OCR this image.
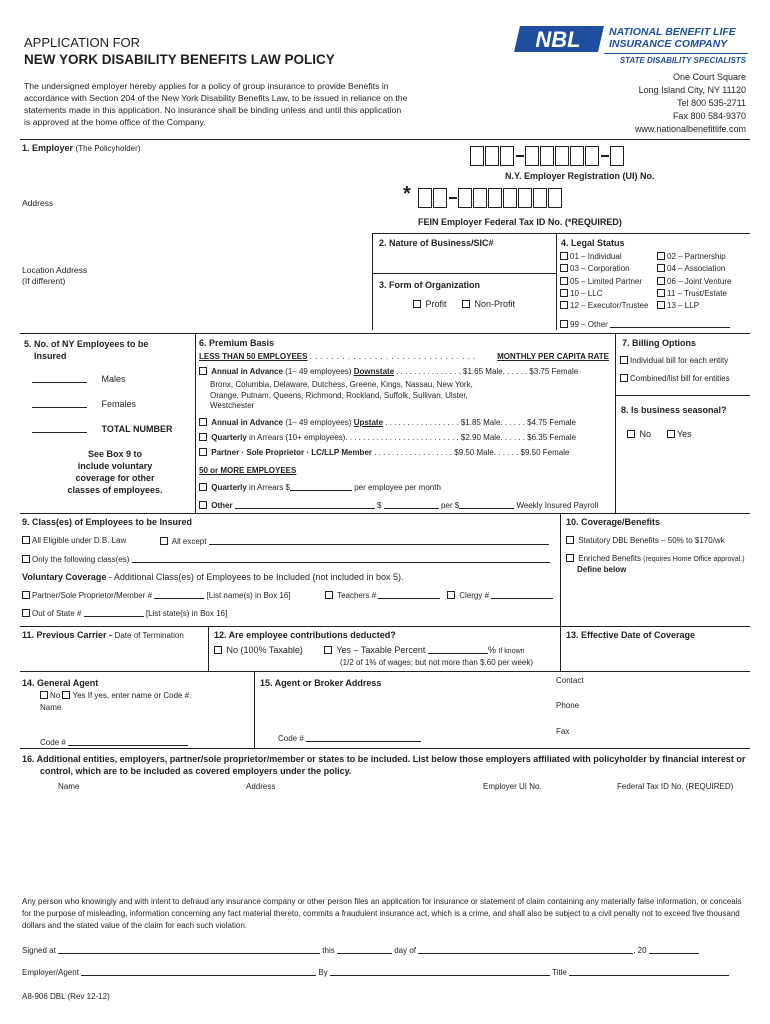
APPLICATION FOR
NEW YORK DISABILITY BENEFITS LAW POLICY
The undersigned employer hereby applies for a policy of group insurance to provide Benefits in accordance with Section 204 of the New York Disability Benefits Law, to be issued in reliance on the statements made in this application. No insurance shall be binding unless and until this application is approved at the home office of the Company.
NBL	NATIONAL BENEFIT LIFE
INSURANCE COMPANY
STATE DISABILITY SPECIALISTS
One Court Square
Long Island City, NY 11120
Tel 800 535-2711
Fax 800 584-9370
www.nationalbenefitlife.com
1. Employer (The Policyholder)
N.Y. Employer Registration (UI) No.
Address	*
FEIN Employer Federal Tax ID No. (*REQUIRED)
2. Nature of Business/SIC#
Location Address
(If different)	3. Form of Organization
Profit	Non-Profit
4. Legal Status
01 – Individual
03 – Corporation
05 – Limited Partner
10 – LLC
12 – Executor/Trustee
02 – Partnership
04 – Association
06 – Joint Venture
11 – Trust/Estate
13 – LLP
99 – Other
5. No. of NY Employees to be
Insured
Males
Females
TOTAL NUMBER
See Box 9 to
include voluntary
coverage for other
classes of employees.
6. Premium Basis
LESS THAN 50 EMPLOYEES . . . . . . . . . . . . . . . . . . . . . . . . . . . . . . .	MONTHLY PER CAPITA RATE
Annual in Advance (1– 49 employees) Downstate . . . . . . . . . . . . . . . $1.65 Male. . . . . . $3.75 Female
Bronx, Columbia, Delaware, Dutchess, Greene, Kings, Nassau, New York, Orange, Putnam, Queens, Richmond, Rockland, Suffolk, Sullivan, Ulster, Westchester
Annual in Advance (1– 49 employees) Upstate . . . . . . . . . . . . . . . . . $1.85 Male. . . . . . $4.75 Female
Quarterly in Arrears (10+ employees). . . . . . . . . . . . . . . . . . . . . . . . . . $2.90 Male. . . . . . $6.35 Female
Partner · Sole Proprietor · LC/LLP Member . . . . . . . . . . . . . . . . . . $9.50 Male. . . . . . $9.50 Female
50 or MORE EMPLOYEES
Quarterly in Arrears $	per employee per month
Other	$	per $	Weekly Insured Payroll
7. Billing Options
Individual bill for each entity
Combined/list bill for entities
8. Is business seasonal?
No	Yes
9. Class(es) of Employees to be Insured
All Eligible under D.B. Law	All except
Only the following class(es)
Voluntary Coverage - Additional Class(es) of Employees to be Included (not included in box 5).
Partner/Sole Proprietor/Member #	[List name(s) in Box 16]	Teachers #	Clergy #
Out of State #	[List state(s) in Box 16]
10. Coverage/Benefits
Statutory DBL Benefits – 50% to $170/wk
Enriched Benefits (requires Home Office approval.)
Define below
11. Previous Carrier - Date of Termination	12. Are employee contributions deducted?
No (100% Taxable)	Yes – Taxable Percent	% If known
(1/2 of 1% of wages; but not more than $.60 per week)
13. Effective Date of Coverage
14. General Agent
No Yes If yes, enter name or Code #.
Name
Code #
15. Agent or Broker Address
Code #
Contact
Phone
Fax
16. Additional entities, employers, partner/sole proprietor/member or states to be included. List below those employers affiliated with policyholder by financial interest or control, which are to be included as covered employers under the policy.
Name	Address	Employer UI No.	Federal Tax ID No. (REQUIRED)
Any person who knowingly and with intent to defraud any insurance company or other person files an application for insurance or statement of claim containing any materially false information, or conceals for the purpose of misleading, information concerning any fact material thereto, commits a fraudulent insurance act, which is a crime, and shall also be subject to a civil penalty not to exceed five thousand dollars and the stated value of the claim for each such violation.
Signed at	this	day of	, 20
Employer/Agent	By	Title
A8-906 DBL (Rev 12-12)
